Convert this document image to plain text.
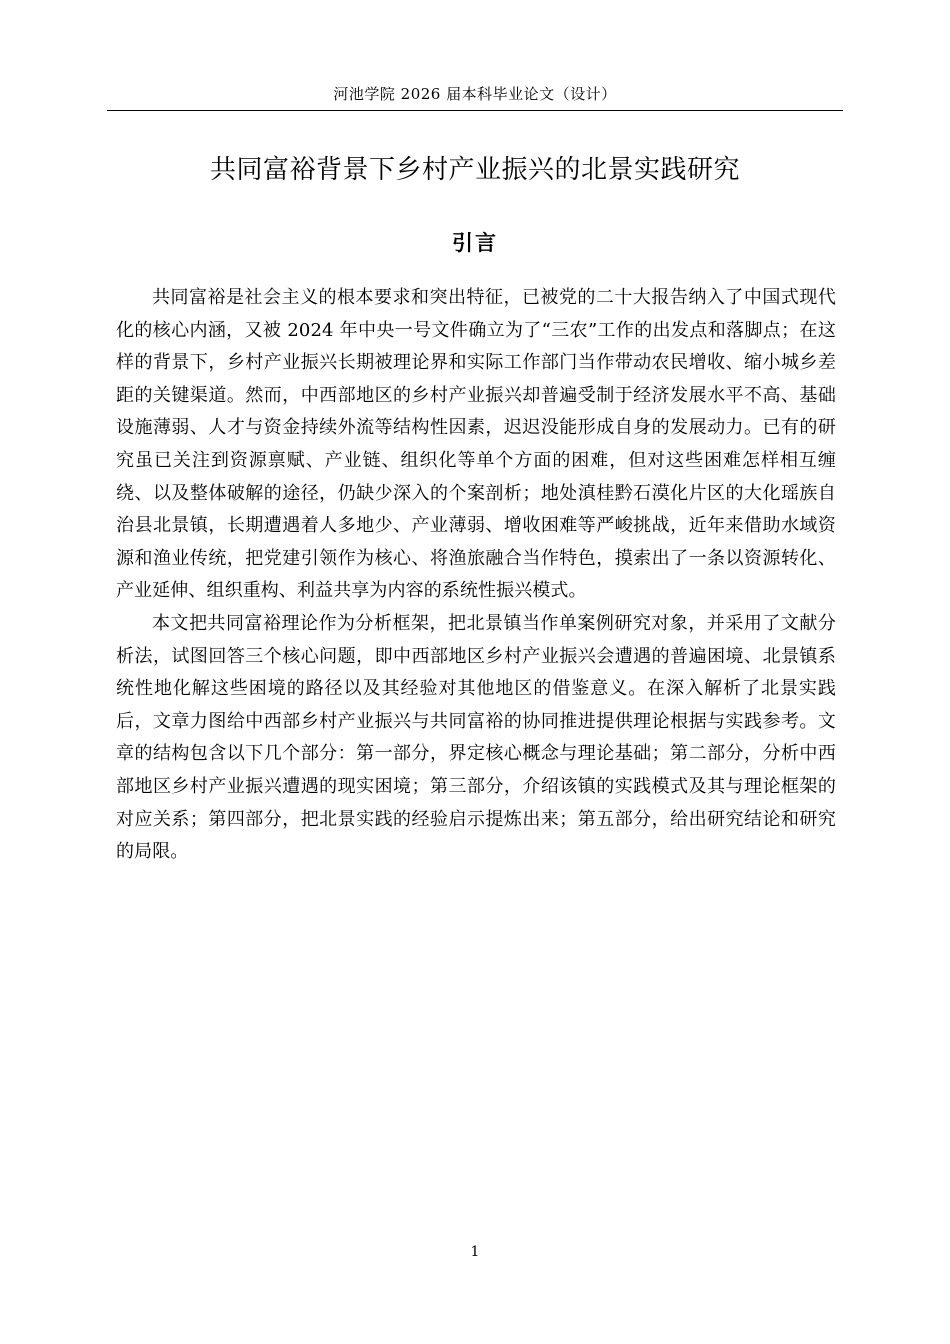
河池学院 2026 届本科毕业论文（设计）
共同富裕背景下乡村产业振兴的北景实践研究
引言

共同富裕是社会主义的根本要求和突出特征，已被党的二十大报告纳入了中国式现代化的核心内涵，又被 2024 年中央一号文件确立为了“三农”工作的出发点和落脚点；在这样的背景下，乡村产业振兴长期被理论界和实际工作部门当作带动农民增收、缩小城乡差距的关键渠道。然而，中西部地区的乡村产业振兴却普遍受制于经济发展水平不高、基础设施薄弱、人才与资金持续外流等结构性因素，迟迟没能形成自身的发展动力。已有的研究虽已关注到资源禀赋、产业链、组织化等单个方面的困难，但对这些困难怎样相互缠绕、以及整体破解的途径，仍缺少深入的个案剖析；地处滇桂黔石漠化片区的大化瑶族自治县北景镇，长期遭遇着人多地少、产业薄弱、增收困难等严峻挑战，近年来借助水域资源和渔业传统，把党建引领作为核心、将渔旅融合当作特色，摸索出了一条以资源转化、产业延伸、组织重构、利益共享为内容的系统性振兴模式。

本文把共同富裕理论作为分析框架，把北景镇当作单案例研究对象，并采用了文献分析法，试图回答三个核心问题，即中西部地区乡村产业振兴会遭遇的普遍困境、北景镇系统性地化解这些困境的路径以及其经验对其他地区的借鉴意义。在深入解析了北景实践后，文章力图给中西部乡村产业振兴与共同富裕的协同推进提供理论根据与实践参考。文章的结构包含以下几个部分：第一部分，界定核心概念与理论基础；第二部分，分析中西部地区乡村产业振兴遭遇的现实困境；第三部分，介绍该镇的实践模式及其与理论框架的对应关系；第四部分，把北景实践的经验启示提炼出来；第五部分，给出研究结论和研究的局限。

1
